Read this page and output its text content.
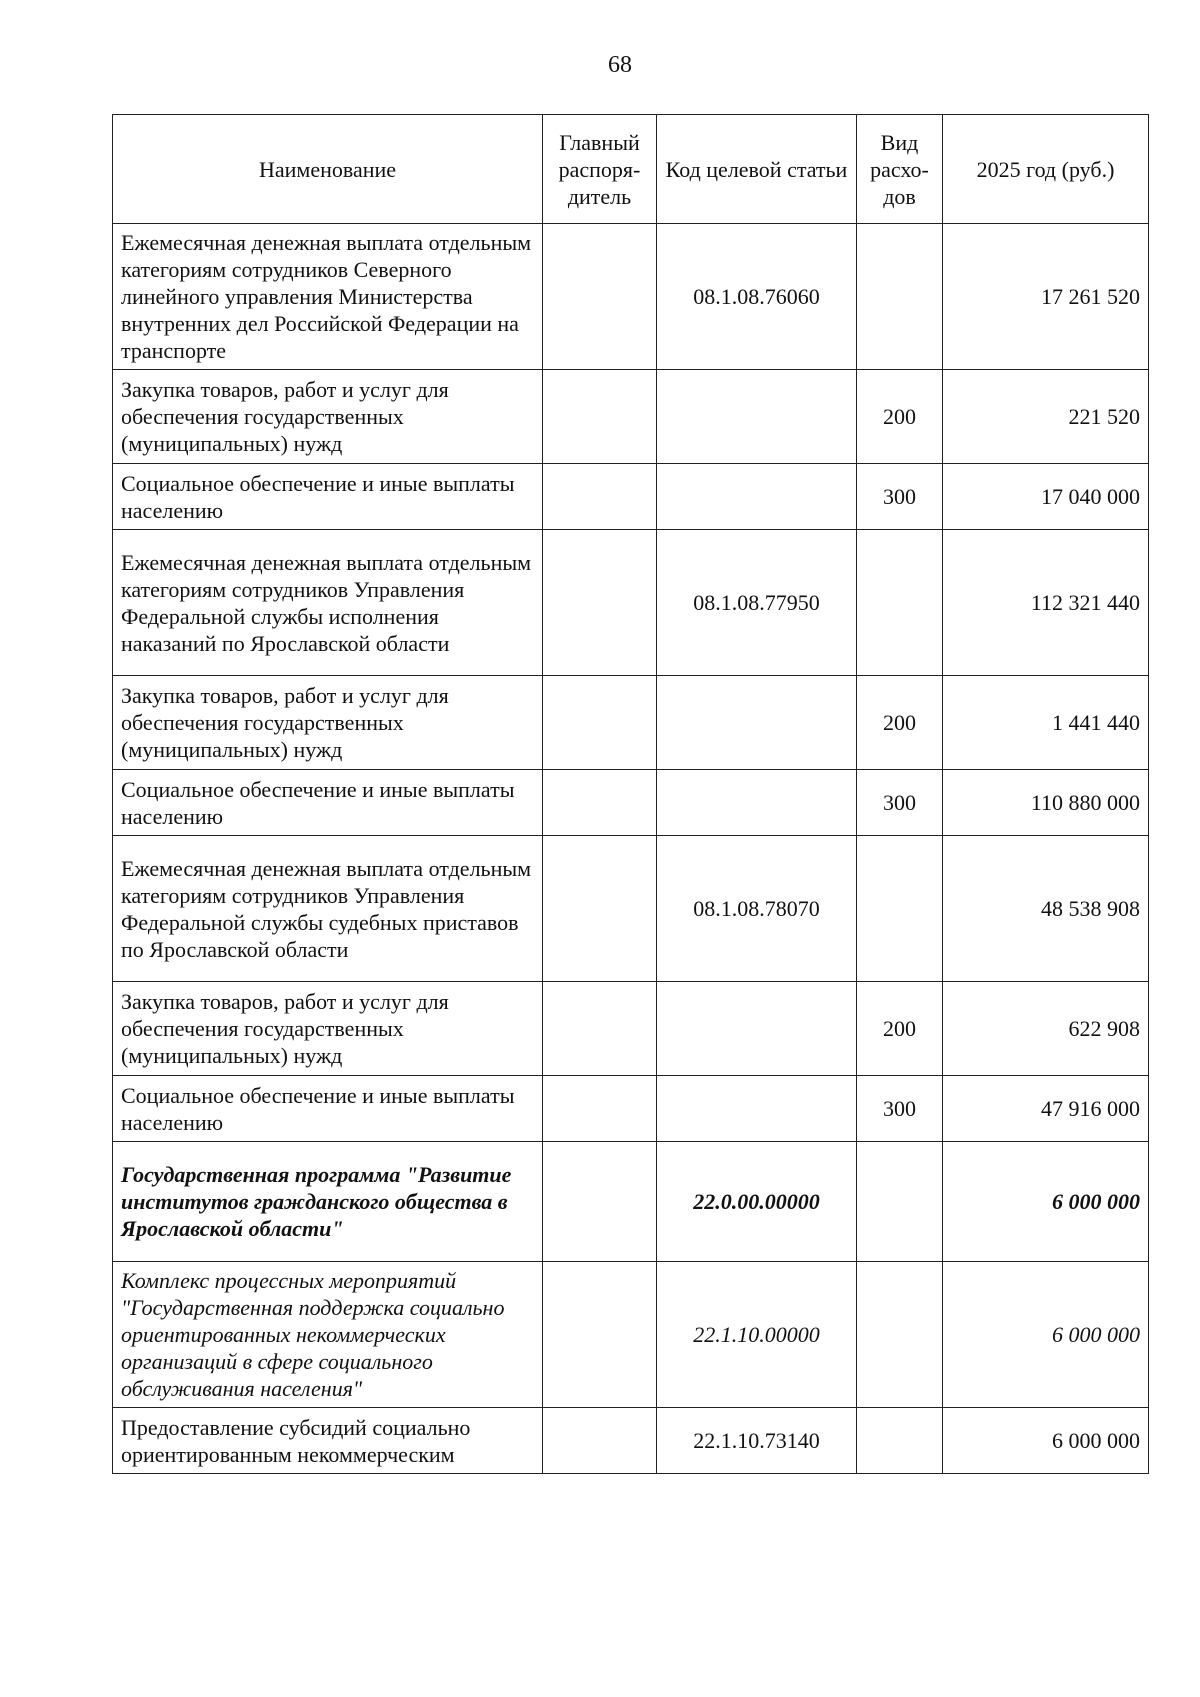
68
Наименование	Главный распоря-дитель	Код целевой статьи	Вид расхо-дов	2025 год (руб.)
Ежемесячная денежная выплата отдельным категориям сотрудников Северного линейного управления Министерства внутренних дел Российской Федерации на транспорте		08.1.08.76060		17 261 520
Закупка товаров, работ и услуг для обеспечения государственных (муниципальных) нужд			200	221 520
Социальное обеспечение и иные выплаты населению			300	17 040 000
Ежемесячная денежная выплата отдельным категориям сотрудников Управления Федеральной службы исполнения наказаний по Ярославской области		08.1.08.77950		112 321 440
Закупка товаров, работ и услуг для обеспечения государственных (муниципальных) нужд			200	1 441 440
Социальное обеспечение и иные выплаты населению			300	110 880 000
Ежемесячная денежная выплата отдельным категориям сотрудников Управления Федеральной службы судебных приставов по Ярославской области		08.1.08.78070		48 538 908
Закупка товаров, работ и услуг для обеспечения государственных (муниципальных) нужд			200	622 908
Социальное обеспечение и иные выплаты населению			300	47 916 000
Государственная программа "Развитие институтов гражданского общества в Ярославской области"		22.0.00.00000		6 000 000
Комплекс процессных мероприятий "Государственная поддержка социально ориентированных некоммерческих организаций в сфере социального обслуживания населения"		22.1.10.00000		6 000 000
Предоставление субсидий социально ориентированным некоммерческим		22.1.10.73140		6 000 000
